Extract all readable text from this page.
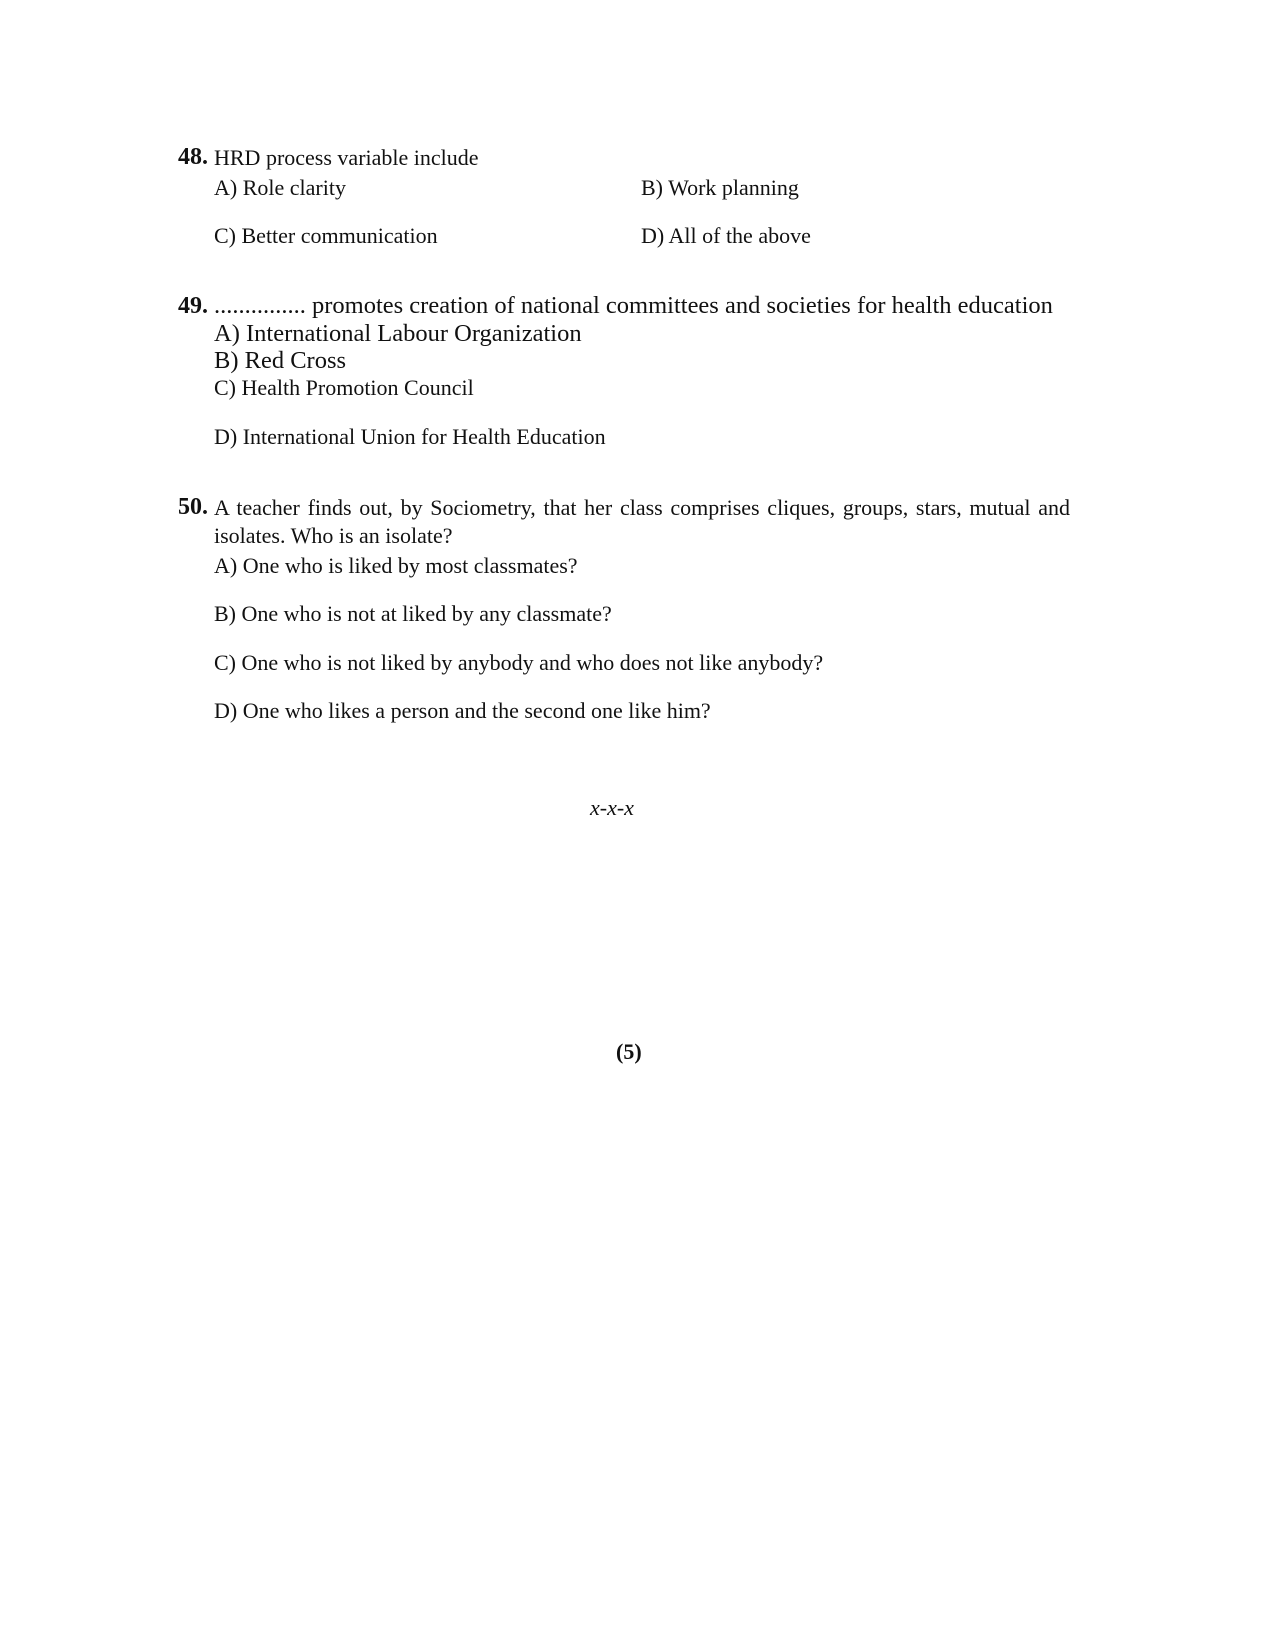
48. HRD process variable include
A) Role clarity	B) Work planning
C) Better communication	D) All of the above
49. ............... promotes creation of national committees and societies for health education
A) International Labour Organization
B) Red Cross
C) Health Promotion Council
D) International Union for Health Education
50. A teacher finds out, by Sociometry, that her class comprises cliques, groups, stars, mutual and
isolates. Who is an isolate?
A) One who is liked by most classmates?
B) One who is not at liked by any classmate?
C) One who is not liked by anybody and who does not like anybody?
D) One who likes a person and the second one like him?
x-x-x
(5)
